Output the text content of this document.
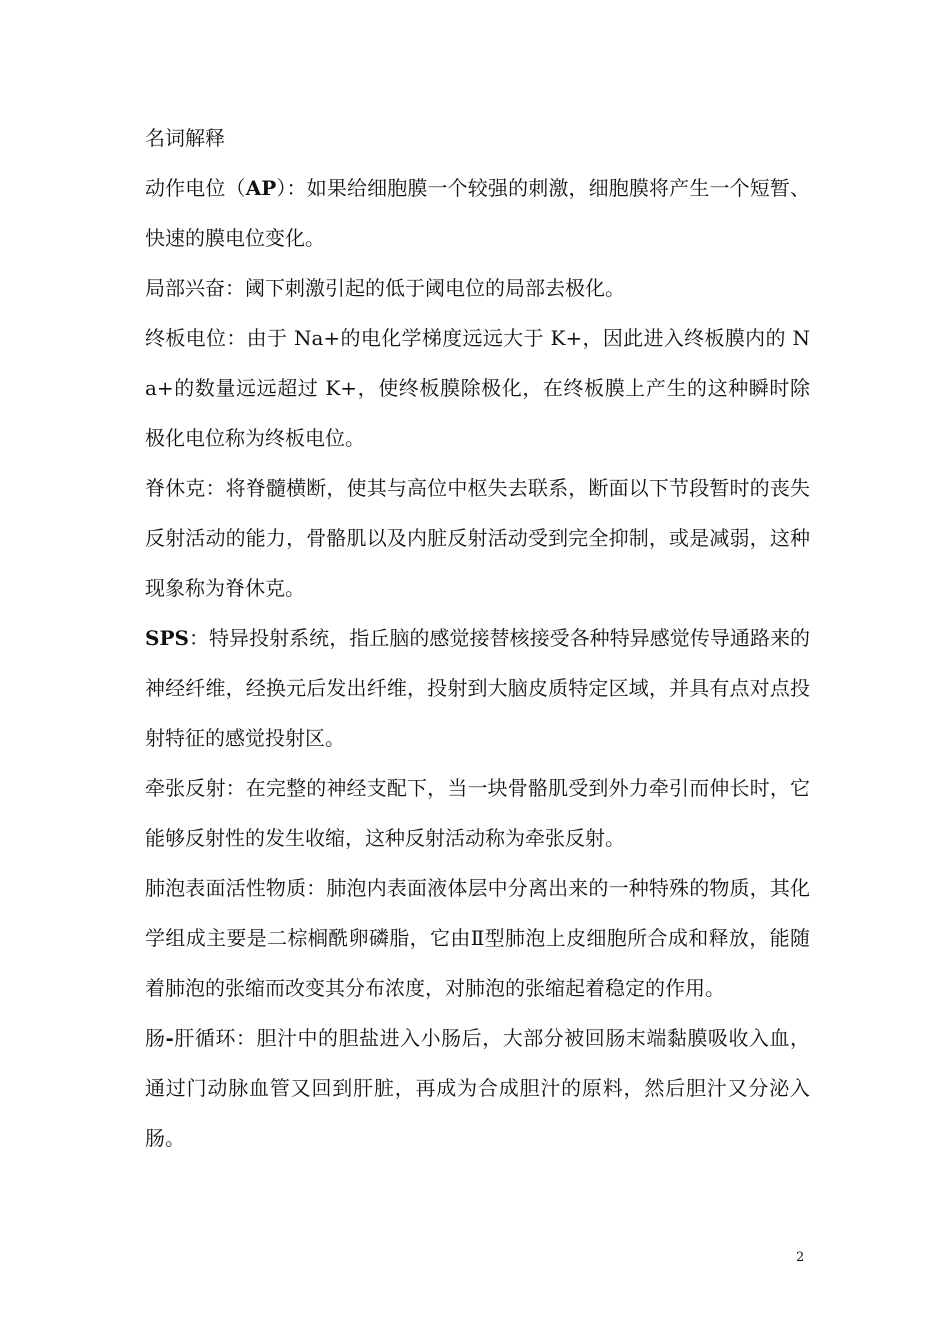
名词解释

动作电位（AP）：如果给细胞膜一个较强的刺激，细胞膜将产生一个短暂、快速的膜电位变化。

局部兴奋：阈下刺激引起的低于阈电位的局部去极化。

终板电位：由于 Na+的电化学梯度远远大于 K+，因此进入终板膜内的 Na+的数量远远超过 K+，使终板膜除极化，在终板膜上产生的这种瞬时除极化电位称为终板电位。

脊休克：将脊髓横断，使其与高位中枢失去联系，断面以下节段暂时的丧失反射活动的能力，骨骼肌以及内脏反射活动受到完全抑制，或是减弱，这种现象称为脊休克。

SPS：特异投射系统，指丘脑的感觉接替核接受各种特异感觉传导通路来的神经纤维，经换元后发出纤维，投射到大脑皮质特定区域，并具有点对点投射特征的感觉投射区。

牵张反射：在完整的神经支配下，当一块骨骼肌受到外力牵引而伸长时，它能够反射性的发生收缩，这种反射活动称为牵张反射。

肺泡表面活性物质：肺泡内表面液体层中分离出来的一种特殊的物质，其化学组成主要是二棕榈酰卵磷脂，它由Ⅱ型肺泡上皮细胞所合成和释放，能随着肺泡的张缩而改变其分布浓度，对肺泡的张缩起着稳定的作用。

肠-肝循环：胆汁中的胆盐进入小肠后，大部分被回肠末端黏膜吸收入血，通过门动脉血管又回到肝脏，再成为合成胆汁的原料，然后胆汁又分泌入肠。

2
